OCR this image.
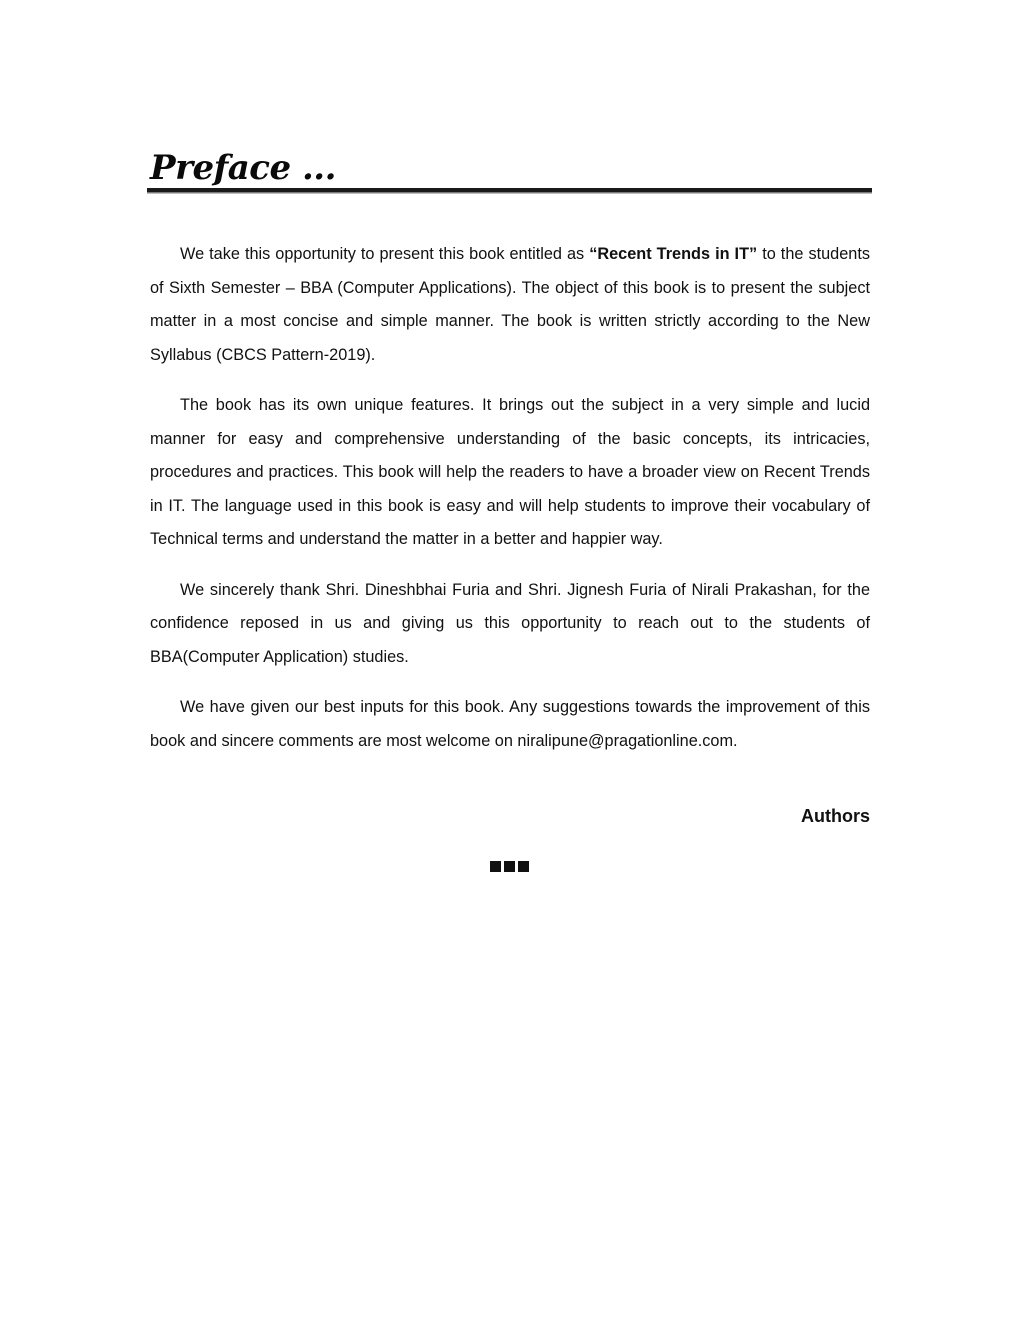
Preface ...

We take this opportunity to present this book entitled as “Recent Trends in IT” to the students of Sixth Semester – BBA (Computer Applications). The object of this book is to present the subject matter in a most concise and simple manner. The book is written strictly according to the New Syllabus (CBCS Pattern-2019).

The book has its own unique features. It brings out the subject in a very simple and lucid manner for easy and comprehensive understanding of the basic concepts, its intricacies, procedures and practices. This book will help the readers to have a broader view on Recent Trends in IT. The language used in this book is easy and will help students to improve their vocabulary of Technical terms and understand the matter in a better and happier way.

We sincerely thank Shri. Dineshbhai Furia and Shri. Jignesh Furia of Nirali Prakashan, for the confidence reposed in us and giving us this opportunity to reach out to the students of BBA(Computer Application) studies.

We have given our best inputs for this book. Any suggestions towards the improvement of this book and sincere comments are most welcome on niralipune@pragationline.com.

Authors
